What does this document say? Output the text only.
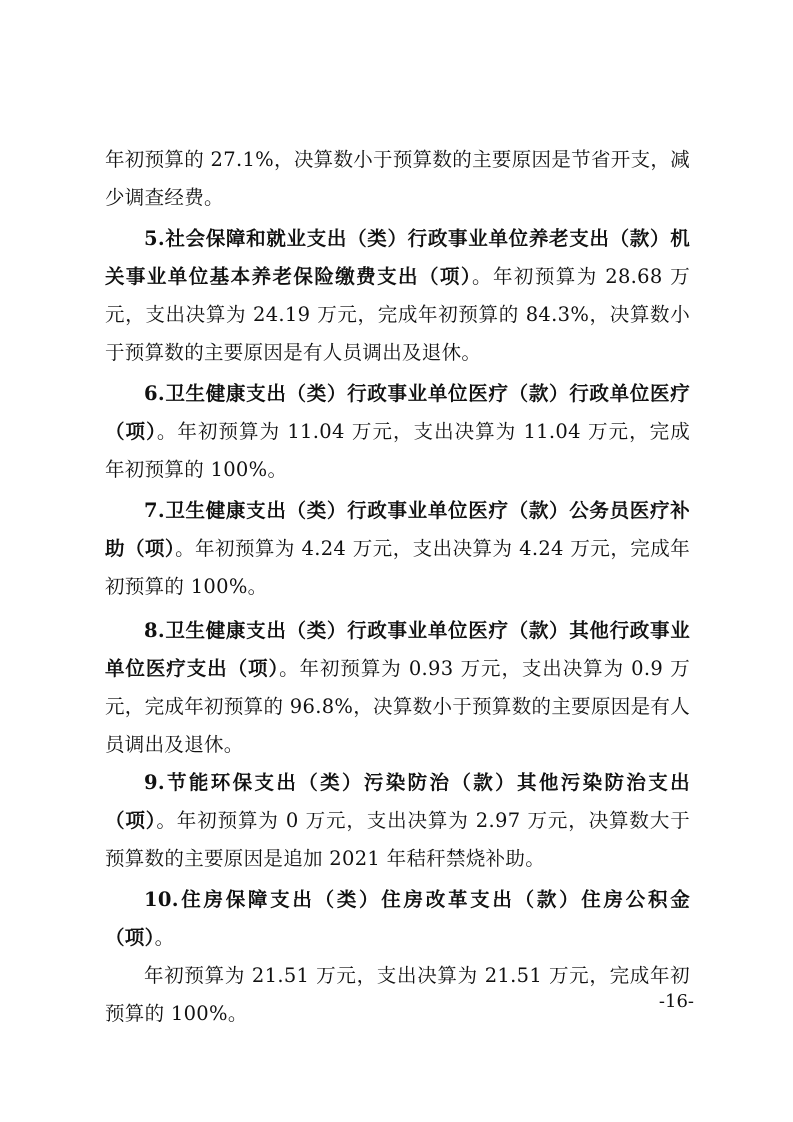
年初预算的 27.1%，决算数小于预算数的主要原因是节省开支，减少调查经费。

5.社会保障和就业支出（类）行政事业单位养老支出（款）机关事业单位基本养老保险缴费支出（项）。年初预算为 28.68 万元，支出决算为 24.19 万元，完成年初预算的 84.3%，决算数小于预算数的主要原因是有人员调出及退休。

6.卫生健康支出（类）行政事业单位医疗（款）行政单位医疗（项）。年初预算为 11.04 万元，支出决算为 11.04 万元，完成年初预算的 100%。

7.卫生健康支出（类）行政事业单位医疗（款）公务员医疗补助（项）。年初预算为 4.24 万元，支出决算为 4.24 万元，完成年初预算的 100%。

8.卫生健康支出（类）行政事业单位医疗（款）其他行政事业单位医疗支出（项）。年初预算为 0.93 万元，支出决算为 0.9 万元，完成年初预算的 96.8%，决算数小于预算数的主要原因是有人员调出及退休。

9.节能环保支出（类）污染防治（款）其他污染防治支出（项）。年初预算为 0 万元，支出决算为 2.97 万元，决算数大于预算数的主要原因是追加 2021 年秸秆禁烧补助。

10.住房保障支出（类）住房改革支出（款）住房公积金（项）。

年初预算为 21.51 万元，支出决算为 21.51 万元，完成年初预算的 100%。

-16-
